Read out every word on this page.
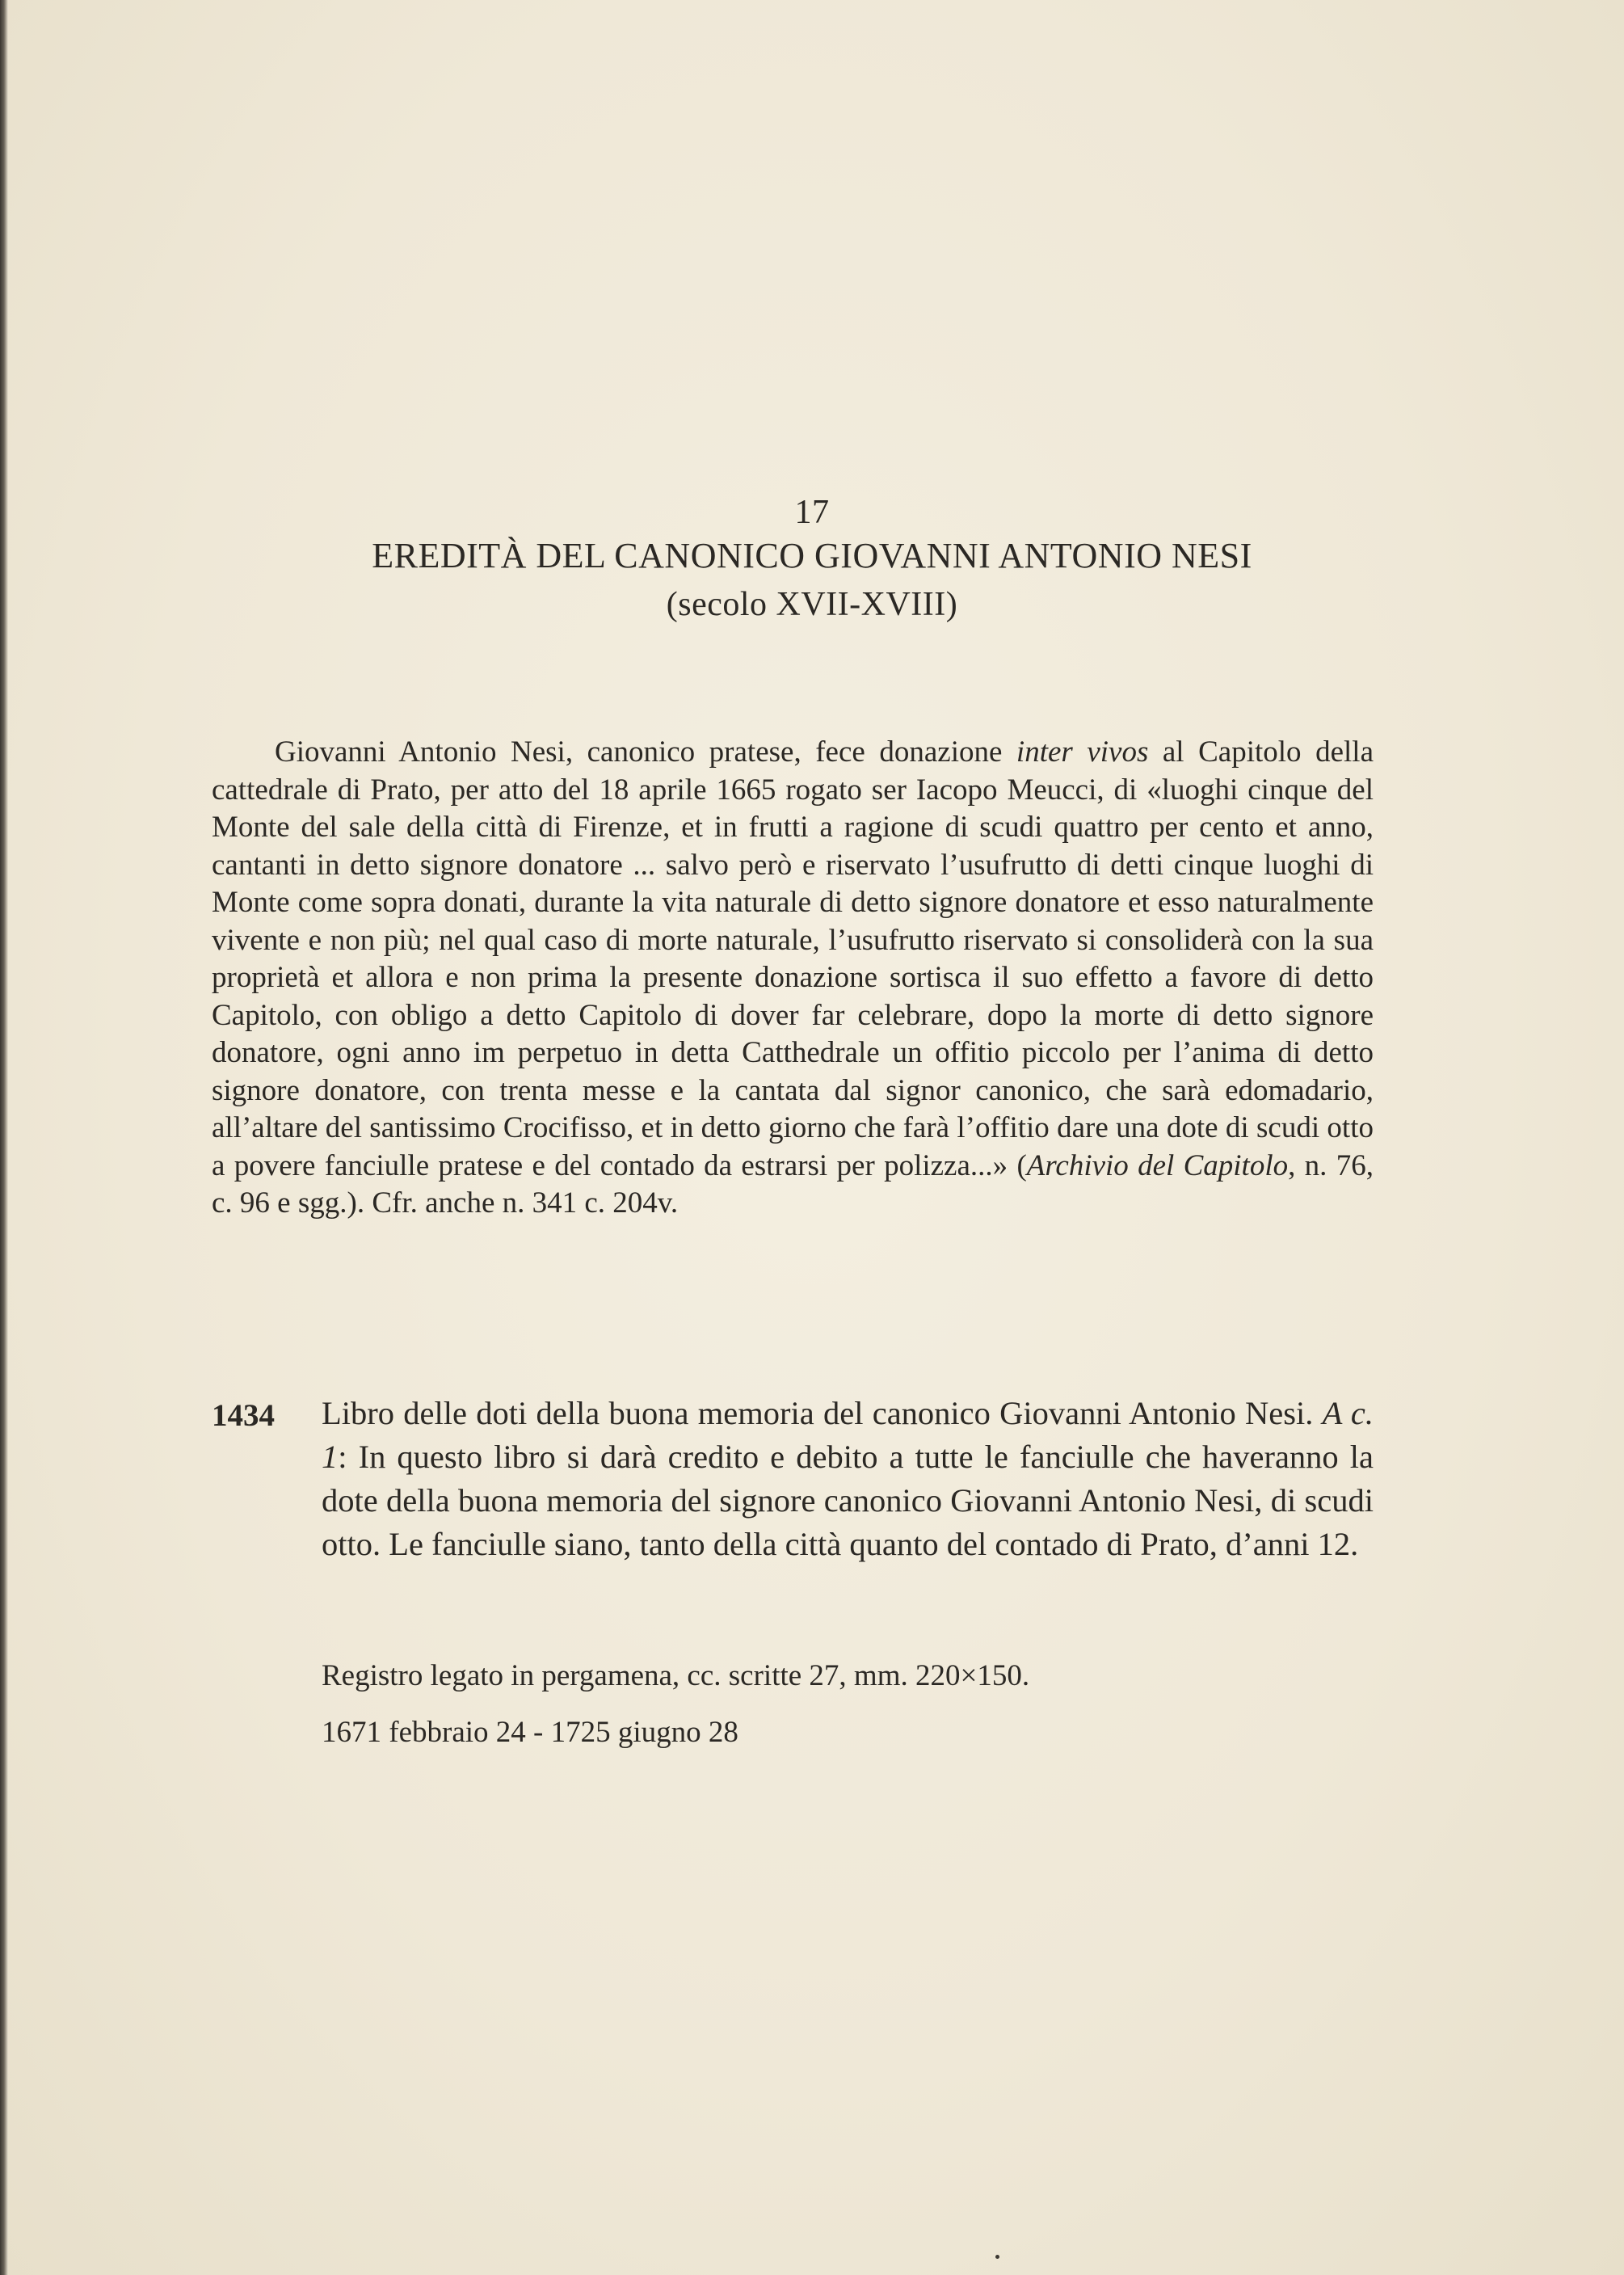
17
EREDITÀ DEL CANONICO GIOVANNI ANTONIO NESI
(secolo XVII-XVIII)

Giovanni Antonio Nesi, canonico pratese, fece donazione inter vivos al Capitolo della cattedrale di Prato, per atto del 18 aprile 1665 rogato ser Iacopo Meucci, di «luoghi cinque del Monte del sale della città di Firenze, et in frutti a ragione di scudi quattro per cento et anno, cantanti in detto signore donatore ... salvo però e riservato l’usufrutto di detti cinque luoghi di Monte come sopra donati, durante la vita naturale di detto signore donatore et esso naturalmente vivente e non più; nel qual caso di morte naturale, l’usufrutto riservato si consoliderà con la sua proprietà et allora e non prima la presente donazione sortisca il suo effetto a favore di detto Capitolo, con obligo a detto Capitolo di dover far celebrare, dopo la morte di detto signore donatore, ogni anno im perpetuo in detta Catthedrale un offitio piccolo per l’anima di detto signore donatore, con trenta messe e la cantata dal signor canonico, che sarà edomadario, all’altare del santissimo Crocifisso, et in detto giorno che farà l’offitio dare una dote di scudi otto a povere fanciulle pratese e del contado da estrarsi per polizza...» (Archivio del Capitolo, n. 76, c. 96 e sgg.). Cfr. anche n. 341 c. 204v.

1434 Libro delle doti della buona memoria del canonico Giovanni Antonio Nesi. A c. 1: In questo libro si darà credito e debito a tutte le fanciulle che haveranno la dote della buona memoria del signore canonico Giovanni Antonio Nesi, di scudi otto. Le fanciulle siano, tanto della città quanto del contado di Prato, d’anni 12.

Registro legato in pergamena, cc. scritte 27, mm. 220×150.
1671 febbraio 24 - 1725 giugno 28
